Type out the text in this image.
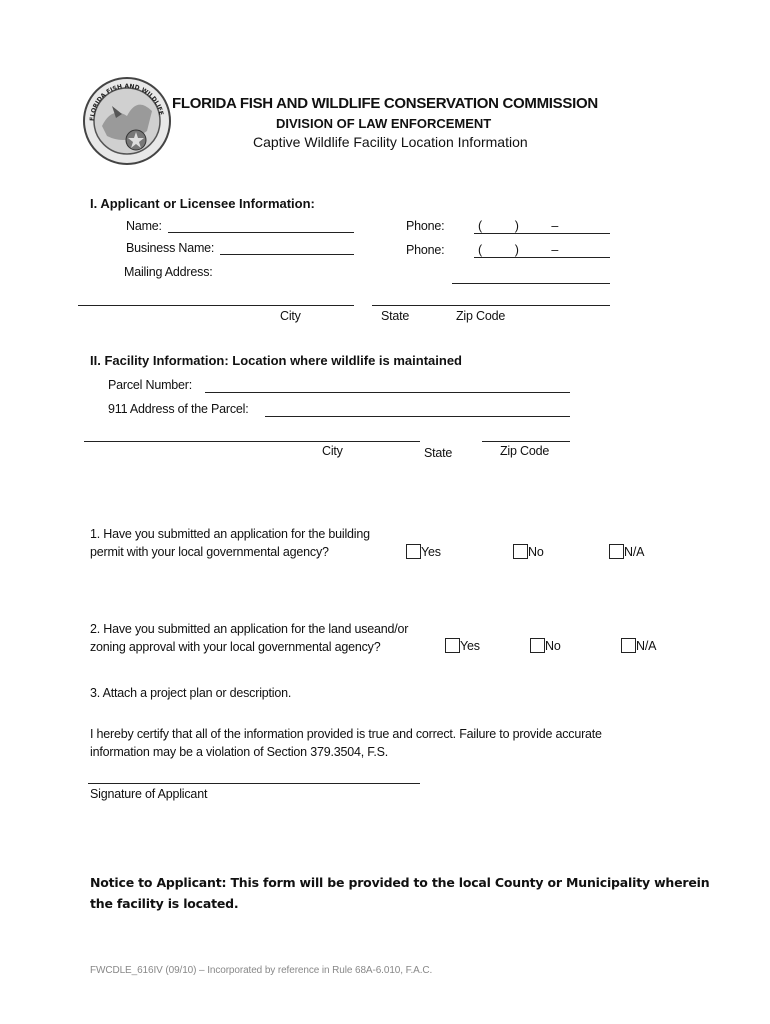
FLORIDA FISH AND WILDLIFE
FLORIDA FISH AND WILDLIFE CONSERVATION COMMISSION
DIVISION OF LAW ENFORCEMENT
Captive Wildlife Facility Location Information
I. Applicant or Licensee Information:
Name:
Business Name:
Mailing Address:
Phone:	(          )          –
Phone:	(          )          –
City	State	Zip Code
II. Facility Information: Location where wildlife is maintained
Parcel Number:
911 Address of the Parcel:
City	State	Zip Code
1. Have you submitted an application for the building
permit with your local governmental agency?	Yes	No	N/A
2. Have you submitted an application for the land useand/or
zoning approval with your local governmental agency?	Yes	No	N/A
3. Attach a project plan or description.
I hereby certify that all of the information provided is true and correct. Failure to provide accurate
information may be a violation of Section 379.3504, F.S.
Signature of Applicant
Notice to Applicant: This form will be provided to the local County or Municipality wherein
the facility is located.
FWCDLE_616IV (09/10) – Incorporated by reference in Rule 68A-6.010, F.A.C.
